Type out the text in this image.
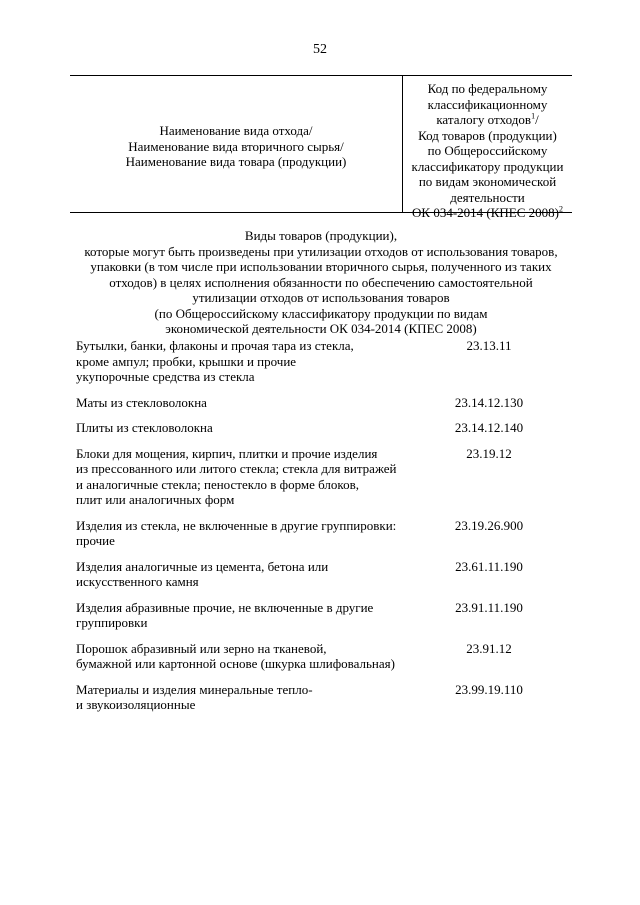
52
Наименование вида отхода/
Наименование вида вторичного сырья/
Наименование вида товара (продукции)
Код по федеральному
классификационному
каталогу отходов$^1$/
Код товаров (продукции)
по Общероссийскому
классификатору продукции
по видам экономической
деятельности
ОК 034-2014 (КПЕС 2008)$^2$
Виды товаров (продукции),
которые могут быть произведены при утилизации отходов от использования товаров,
упаковки (в том числе при использовании вторичного сырья, полученного из таких
отходов) в целях исполнения обязанности по обеспечению самостоятельной
утилизации отходов от использования товаров
(по Общероссийскому классификатору продукции по видам
экономической деятельности ОК 034-2014 (КПЕС 2008)
Бутылки, банки, флаконы и прочая тара из стекла,
кроме ампул; пробки, крышки и прочие
укупорочные средства из стекла
23.13.11
Маты из стекловолокна	23.14.12.130
Плиты из стекловолокна	23.14.12.140
Блоки для мощения, кирпич, плитки и прочие изделия
из прессованного или литого стекла; стекла для витражей
и аналогичные стекла; пеностекло в форме блоков,
плит или аналогичных форм
23.19.12
Изделия из стекла, не включенные в другие группировки:
прочие
23.19.26.900
Изделия аналогичные из цемента, бетона или
искусственного камня
23.61.11.190
Изделия абразивные прочие, не включенные в другие
группировки
23.91.11.190
Порошок абразивный или зерно на тканевой,
бумажной или картонной основе (шкурка шлифовальная)
23.91.12
Материалы и изделия минеральные тепло-
и звукоизоляционные
23.99.19.110
